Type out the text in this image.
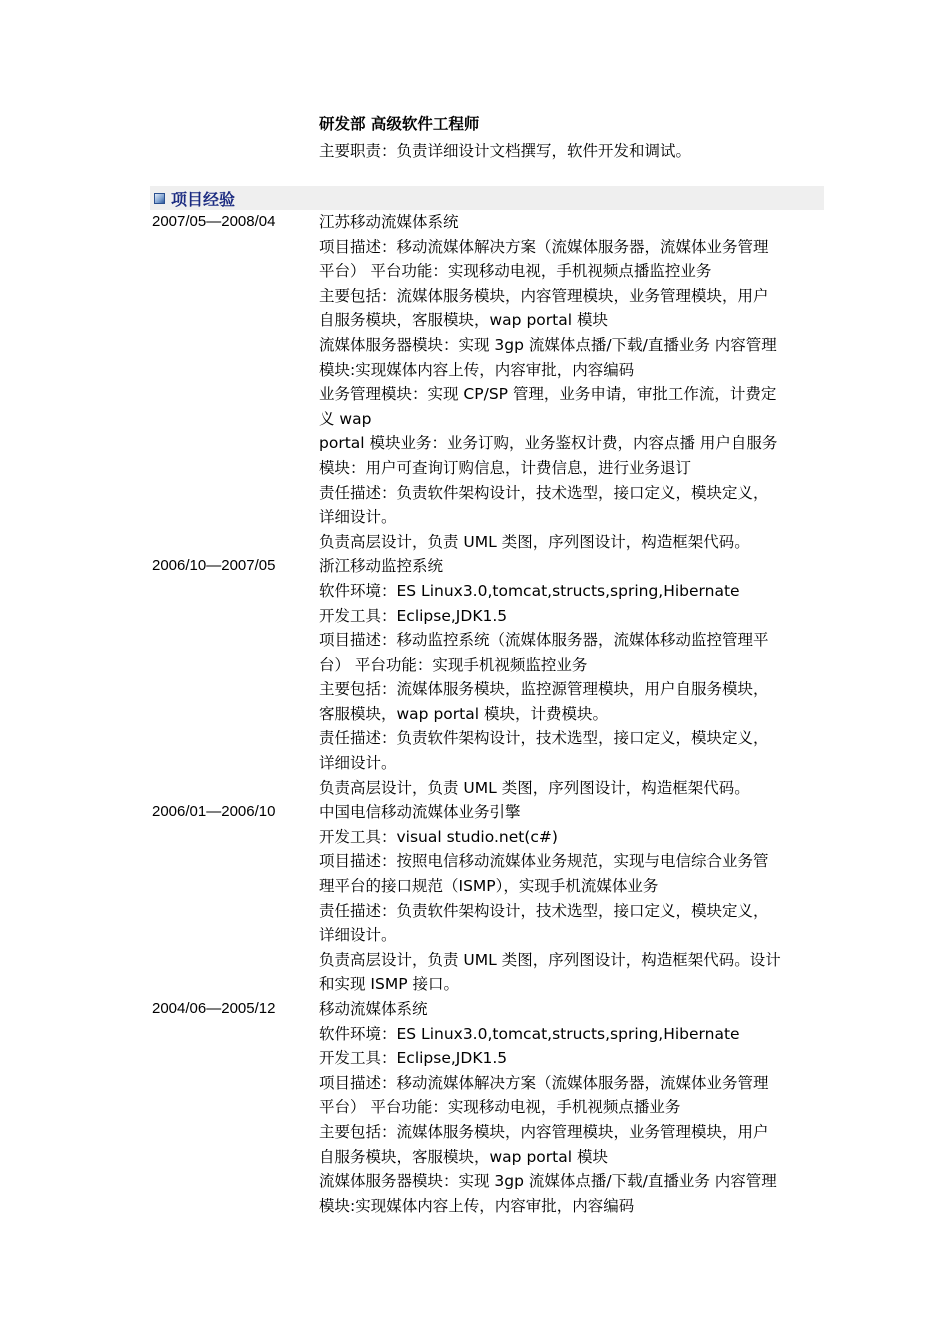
研发部 高级软件工程师
主要职责：负责详细设计文档撰写，软件开发和调试。
项目经验
2007/05—2008/04	江苏移动流媒体系统
项目描述：移动流媒体解决方案（流媒体服务器，流媒体业务管理
平台） 平台功能：实现移动电视，手机视频点播监控业务
主要包括：流媒体服务模块，内容管理模块，业务管理模块，用户
自服务模块，客服模块，wap portal 模块
流媒体服务器模块：实现 3gp 流媒体点播/下载/直播业务 内容管理
模块:实现媒体内容上传，内容审批，内容编码
业务管理模块：实现 CP/SP 管理，业务申请，审批工作流，计费定
义 wap
portal 模块业务：业务订购，业务鉴权计费，内容点播 用户自服务
模块：用户可查询订购信息，计费信息，进行业务退订
责任描述：负责软件架构设计，技术选型，接口定义，模块定义，
详细设计。
负责高层设计，负责 UML 类图，序列图设计，构造框架代码。
2006/10—2007/05	浙江移动监控系统
软件环境：ES Linux3.0,tomcat,structs,spring,Hibernate
开发工具：Eclipse,JDK1.5
项目描述：移动监控系统（流媒体服务器，流媒体移动监控管理平
台） 平台功能：实现手机视频监控业务
主要包括：流媒体服务模块，监控源管理模块，用户自服务模块，
客服模块，wap portal 模块，计费模块。
责任描述：负责软件架构设计，技术选型，接口定义，模块定义，
详细设计。
负责高层设计，负责 UML 类图，序列图设计，构造框架代码。
2006/01—2006/10	中国电信移动流媒体业务引擎
开发工具：visual studio.net(c#)
项目描述：按照电信移动流媒体业务规范，实现与电信综合业务管
理平台的接口规范（ISMP），实现手机流媒体业务
责任描述：负责软件架构设计，技术选型，接口定义，模块定义，
详细设计。
负责高层设计，负责 UML 类图，序列图设计，构造框架代码。设计
和实现 ISMP 接口。
2004/06—2005/12	移动流媒体系统
软件环境：ES Linux3.0,tomcat,structs,spring,Hibernate
开发工具：Eclipse,JDK1.5
项目描述：移动流媒体解决方案（流媒体服务器，流媒体业务管理
平台） 平台功能：实现移动电视，手机视频点播业务
主要包括：流媒体服务模块，内容管理模块，业务管理模块，用户
自服务模块，客服模块，wap portal 模块
流媒体服务器模块：实现 3gp 流媒体点播/下载/直播业务 内容管理
模块:实现媒体内容上传，内容审批，内容编码
